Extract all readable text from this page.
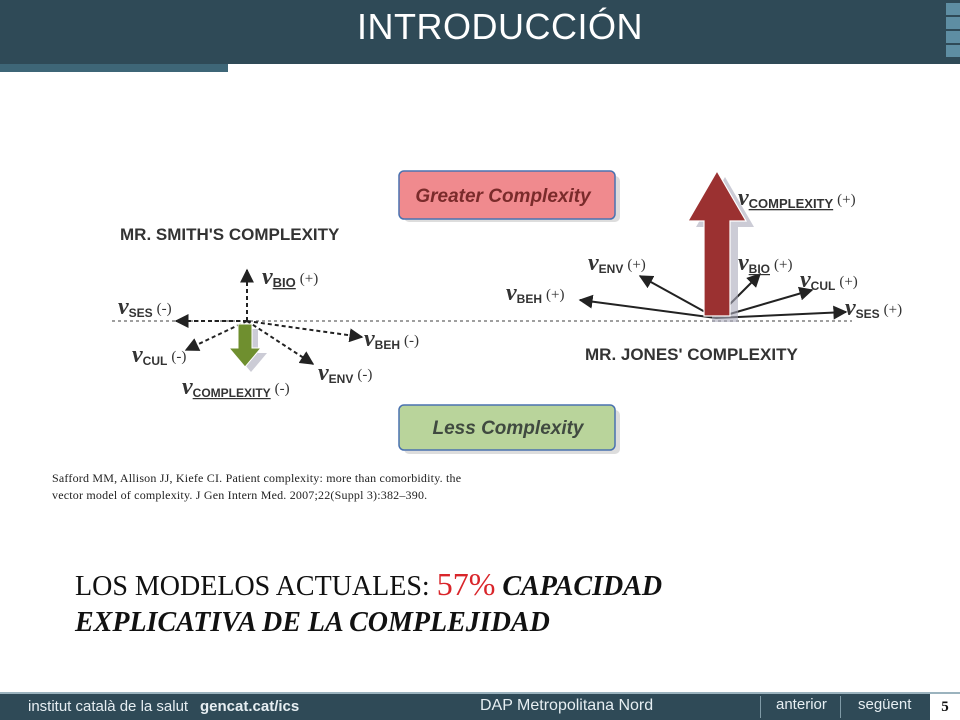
INTRODUCCIÓN
Greater Complexity
Less Complexity
MR. SMITH'S COMPLEXITY
MR. JONES' COMPLEXITY
vBIO (+)
$v_{SES}$ (-)
$v_{BEH}$ (-)
$v_{CUL}$ (-)
$v_{ENV}$ (-)
$v_{COMPLEXITY}$ (-)
vCOMPLEXITY (+)
$v_{ENV}$ (+)	$v_{BIO}$ (+)
$v_{CUL}$ (+)
$v_{BEH}$ (+)	$v_{SES}$ (+)
Safford MM, Allison JJ, Kiefe CI. Patient complexity: more than comorbidity. the
vector model of complexity. J Gen Intern Med. 2007;22(Suppl 3):382–390.
LOS MODELOS ACTUALES: 57% CAPACIDAD
EXPLICATIVA DE LA COMPLEJIDAD
institut català de la salut gencat.cat/ics	DAP Metropolitana Nord	anterior següent	5
